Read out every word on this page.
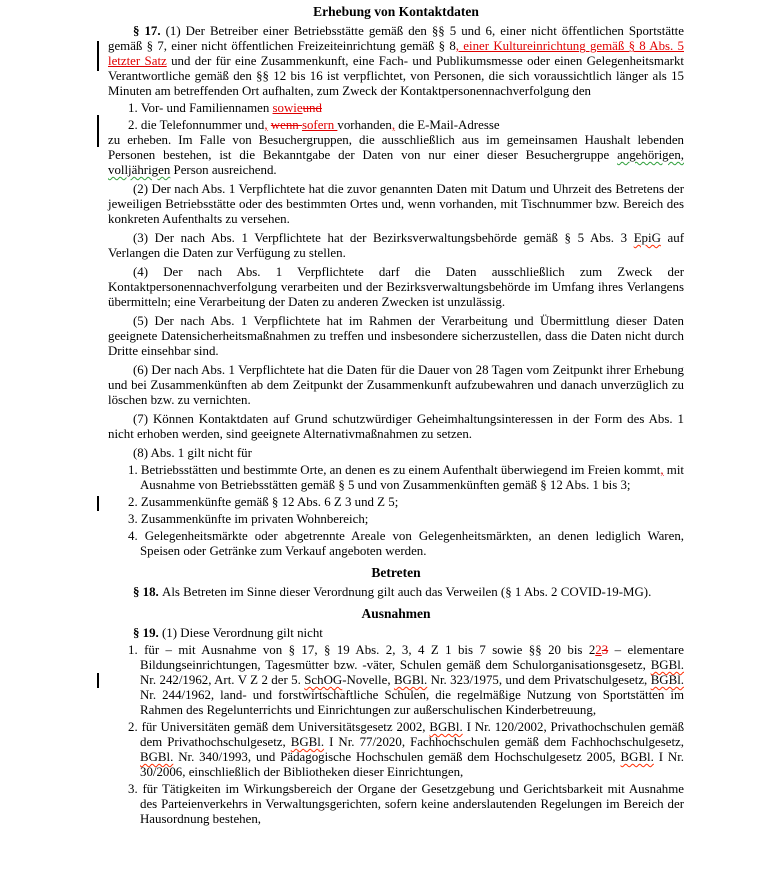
Erhebung von Kontaktdaten
§ 17. (1) Der Betreiber einer Betriebsstätte gemäß den §§ 5 und 6, einer nicht öffentlichen Sportstätte gemäß § 7, einer nicht öffentlichen Freizeiteinrichtung gemäß § 8, einer Kultureinrichtung gemäß § 8 Abs. 5 letzter Satz und der für eine Zusammenkunft, eine Fach- und Publikumsmesse oder einen Gelegenheitsmarkt Verantwortliche gemäß den §§ 12 bis 16 ist verpflichtet, von Personen, die sich voraussichtlich länger als 15 Minuten am betreffenden Ort aufhalten, zum Zweck der Kontaktpersonennachverfolgung den
1. Vor- und Familiennamen sowieund
2. die Telefonnummer und, wenn sofern vorhanden, die E-Mail-Adresse
zu erheben. Im Falle von Besuchergruppen, die ausschließlich aus im gemeinsamen Haushalt lebenden Personen bestehen, ist die Bekanntgabe der Daten von nur einer dieser Besuchergruppe angehörigen, volljährigen Person ausreichend.
(2) Der nach Abs. 1 Verpflichtete hat die zuvor genannten Daten mit Datum und Uhrzeit des Betretens der jeweiligen Betriebsstätte oder des bestimmten Ortes und, wenn vorhanden, mit Tischnummer bzw. Bereich des konkreten Aufenthalts zu versehen.
(3) Der nach Abs. 1 Verpflichtete hat der Bezirksverwaltungsbehörde gemäß § 5 Abs. 3 EpiG auf Verlangen die Daten zur Verfügung zu stellen.
(4) Der nach Abs. 1 Verpflichtete darf die Daten ausschließlich zum Zweck der Kontaktpersonennachverfolgung verarbeiten und der Bezirksverwaltungsbehörde im Umfang ihres Verlangens übermitteln; eine Verarbeitung der Daten zu anderen Zwecken ist unzulässig.
(5) Der nach Abs. 1 Verpflichtete hat im Rahmen der Verarbeitung und Übermittlung dieser Daten geeignete Datensicherheitsmaßnahmen zu treffen und insbesondere sicherzustellen, dass die Daten nicht durch Dritte einsehbar sind.
(6) Der nach Abs. 1 Verpflichtete hat die Daten für die Dauer von 28 Tagen vom Zeitpunkt ihrer Erhebung und bei Zusammenkünften ab dem Zeitpunkt der Zusammenkunft aufzubewahren und danach unverzüglich zu löschen bzw. zu vernichten.
(7) Können Kontaktdaten auf Grund schutzwürdiger Geheimhaltungsinteressen in der Form des Abs. 1 nicht erhoben werden, sind geeignete Alternativmaßnahmen zu setzen.
(8) Abs. 1 gilt nicht für
1. Betriebsstätten und bestimmte Orte, an denen es zu einem Aufenthalt überwiegend im Freien kommt, mit Ausnahme von Betriebsstätten gemäß § 5 und von Zusammenkünften gemäß § 12 Abs. 1 bis 3;
2. Zusammenkünfte gemäß § 12 Abs. 6 Z 3 und Z 5;
3. Zusammenkünfte im privaten Wohnbereich;
4. Gelegenheitsmärkte oder abgetrennte Areale von Gelegenheitsmärkten, an denen lediglich Waren, Speisen oder Getränke zum Verkauf angeboten werden.
Betreten
§ 18. Als Betreten im Sinne dieser Verordnung gilt auch das Verweilen (§ 1 Abs. 2 COVID-19-MG).
Ausnahmen
§ 19. (1) Diese Verordnung gilt nicht
1. für – mit Ausnahme von § 17, § 19 Abs. 2, 3, 4 Z 1 bis 7 sowie §§ 20 bis 223 – elementare Bildungseinrichtungen, Tagesmütter bzw. -väter, Schulen gemäß dem Schulorganisationsgesetz, BGBl. Nr. 242/1962, Art. V Z 2 der 5. SchOG-Novelle, BGBl. Nr. 323/1975, und dem Privatschulgesetz, BGBl. Nr. 244/1962, land- und forstwirtschaftliche Schulen, die regelmäßige Nutzung von Sportstätten im Rahmen des Regelunterrichts und Einrichtungen zur außerschulischen Kinderbetreuung,
2. für Universitäten gemäß dem Universitätsgesetz 2002, BGBl. I Nr. 120/2002, Privathochschulen gemäß dem Privathochschulgesetz, BGBl. I Nr. 77/2020, Fachhochschulen gemäß dem Fachhochschulgesetz, BGBl. Nr. 340/1993, und Pädagogische Hochschulen gemäß dem Hochschulgesetz 2005, BGBl. I Nr. 30/2006, einschließlich der Bibliotheken dieser Einrichtungen,
3. für Tätigkeiten im Wirkungsbereich der Organe der Gesetzgebung und Gerichtsbarkeit mit Ausnahme des Parteienverkehrs in Verwaltungsgerichten, sofern keine anderslautenden Regelungen im Bereich der Hausordnung bestehen,
